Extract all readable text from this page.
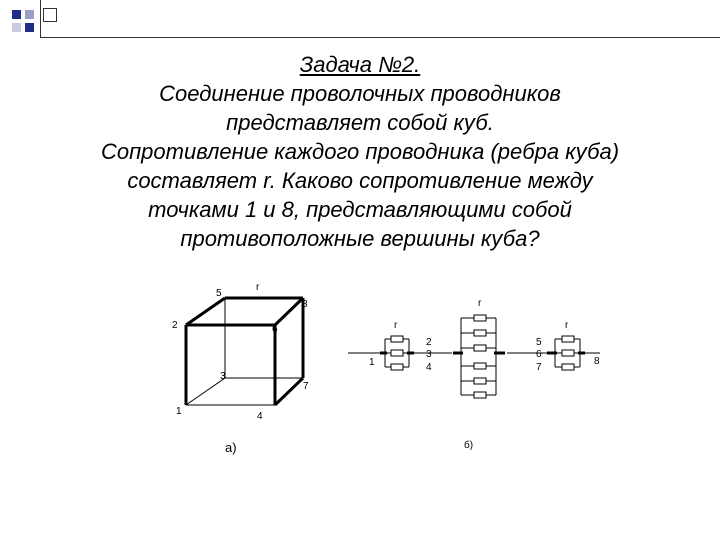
Задача №2.
Соединение проволочных проводников
представляет собой куб.
Сопротивление каждого проводника (ребра куба)
составляет r. Каково сопротивление между
точками 1 и 8, представляющими собой
противоположные вершины куба?
r
5
8
2	6
3
7
1	4
а)
r
r
r
1	8
2
3
4
5
6
7
б)
